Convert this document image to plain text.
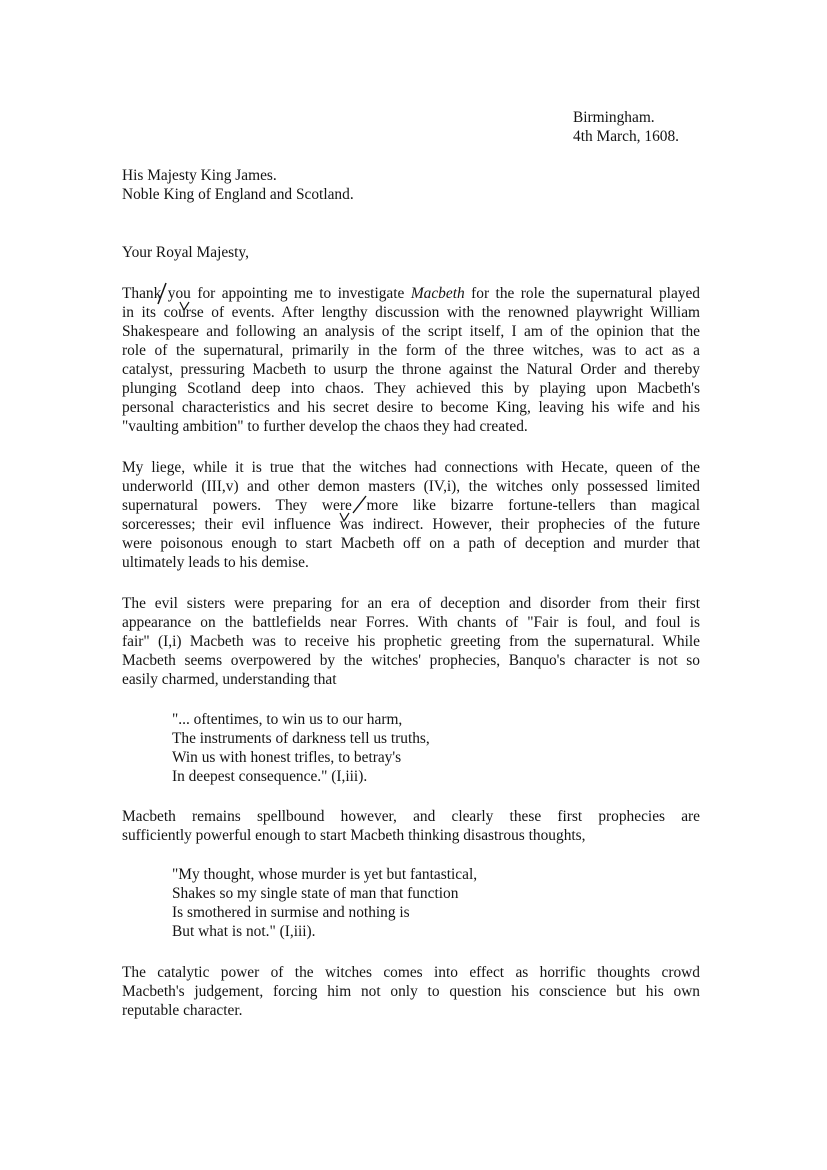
Birmingham.

4th March, 1608.

His Majesty King James.

Noble King of England and Scotland.

Your Royal Majesty,

Thank you for appointing me to investigate Macbeth for the role the supernatural played

in its course of events. After lengthy discussion with the renowned playwright William

Shakespeare and following an analysis of the script itself, I am of the opinion that the

role of the supernatural, primarily in the form of the three witches, was to act as a

catalyst, pressuring Macbeth to usurp the throne against the Natural Order and thereby

plunging Scotland deep into chaos. They achieved this by playing upon Macbeth's

personal characteristics and his secret desire to become King, leaving his wife and his

"vaulting ambition" to further develop the chaos they had created.

My liege, while it is true that the witches had connections with Hecate, queen of the

underworld (III,v) and other demon masters (IV,i), the witches only possessed limited

supernatural powers. They were more like bizarre fortune-tellers than magical

sorceresses; their evil influence was indirect. However, their prophecies of the future

were poisonous enough to start Macbeth off on a path of deception and murder that

ultimately leads to his demise.

The evil sisters were preparing for an era of deception and disorder from their first

appearance on the battlefields near Forres. With chants of "Fair is foul, and foul is

fair" (I,i) Macbeth was to receive his prophetic greeting from the supernatural. While

Macbeth seems overpowered by the witches' prophecies, Banquo's character is not so

easily charmed, understanding that

"... oftentimes, to win us to our harm,

The instruments of darkness tell us truths,

Win us with honest trifles, to betray's

In deepest consequence." (I,iii).

Macbeth remains spellbound however, and clearly these first prophecies are

sufficiently powerful enough to start Macbeth thinking disastrous thoughts,

"My thought, whose murder is yet but fantastical,

Shakes so my single state of man that function

Is smothered in surmise and nothing is

But what is not." (I,iii).

The catalytic power of the witches comes into effect as horrific thoughts crowd

Macbeth's judgement, forcing him not only to question his conscience but his own

reputable character.
